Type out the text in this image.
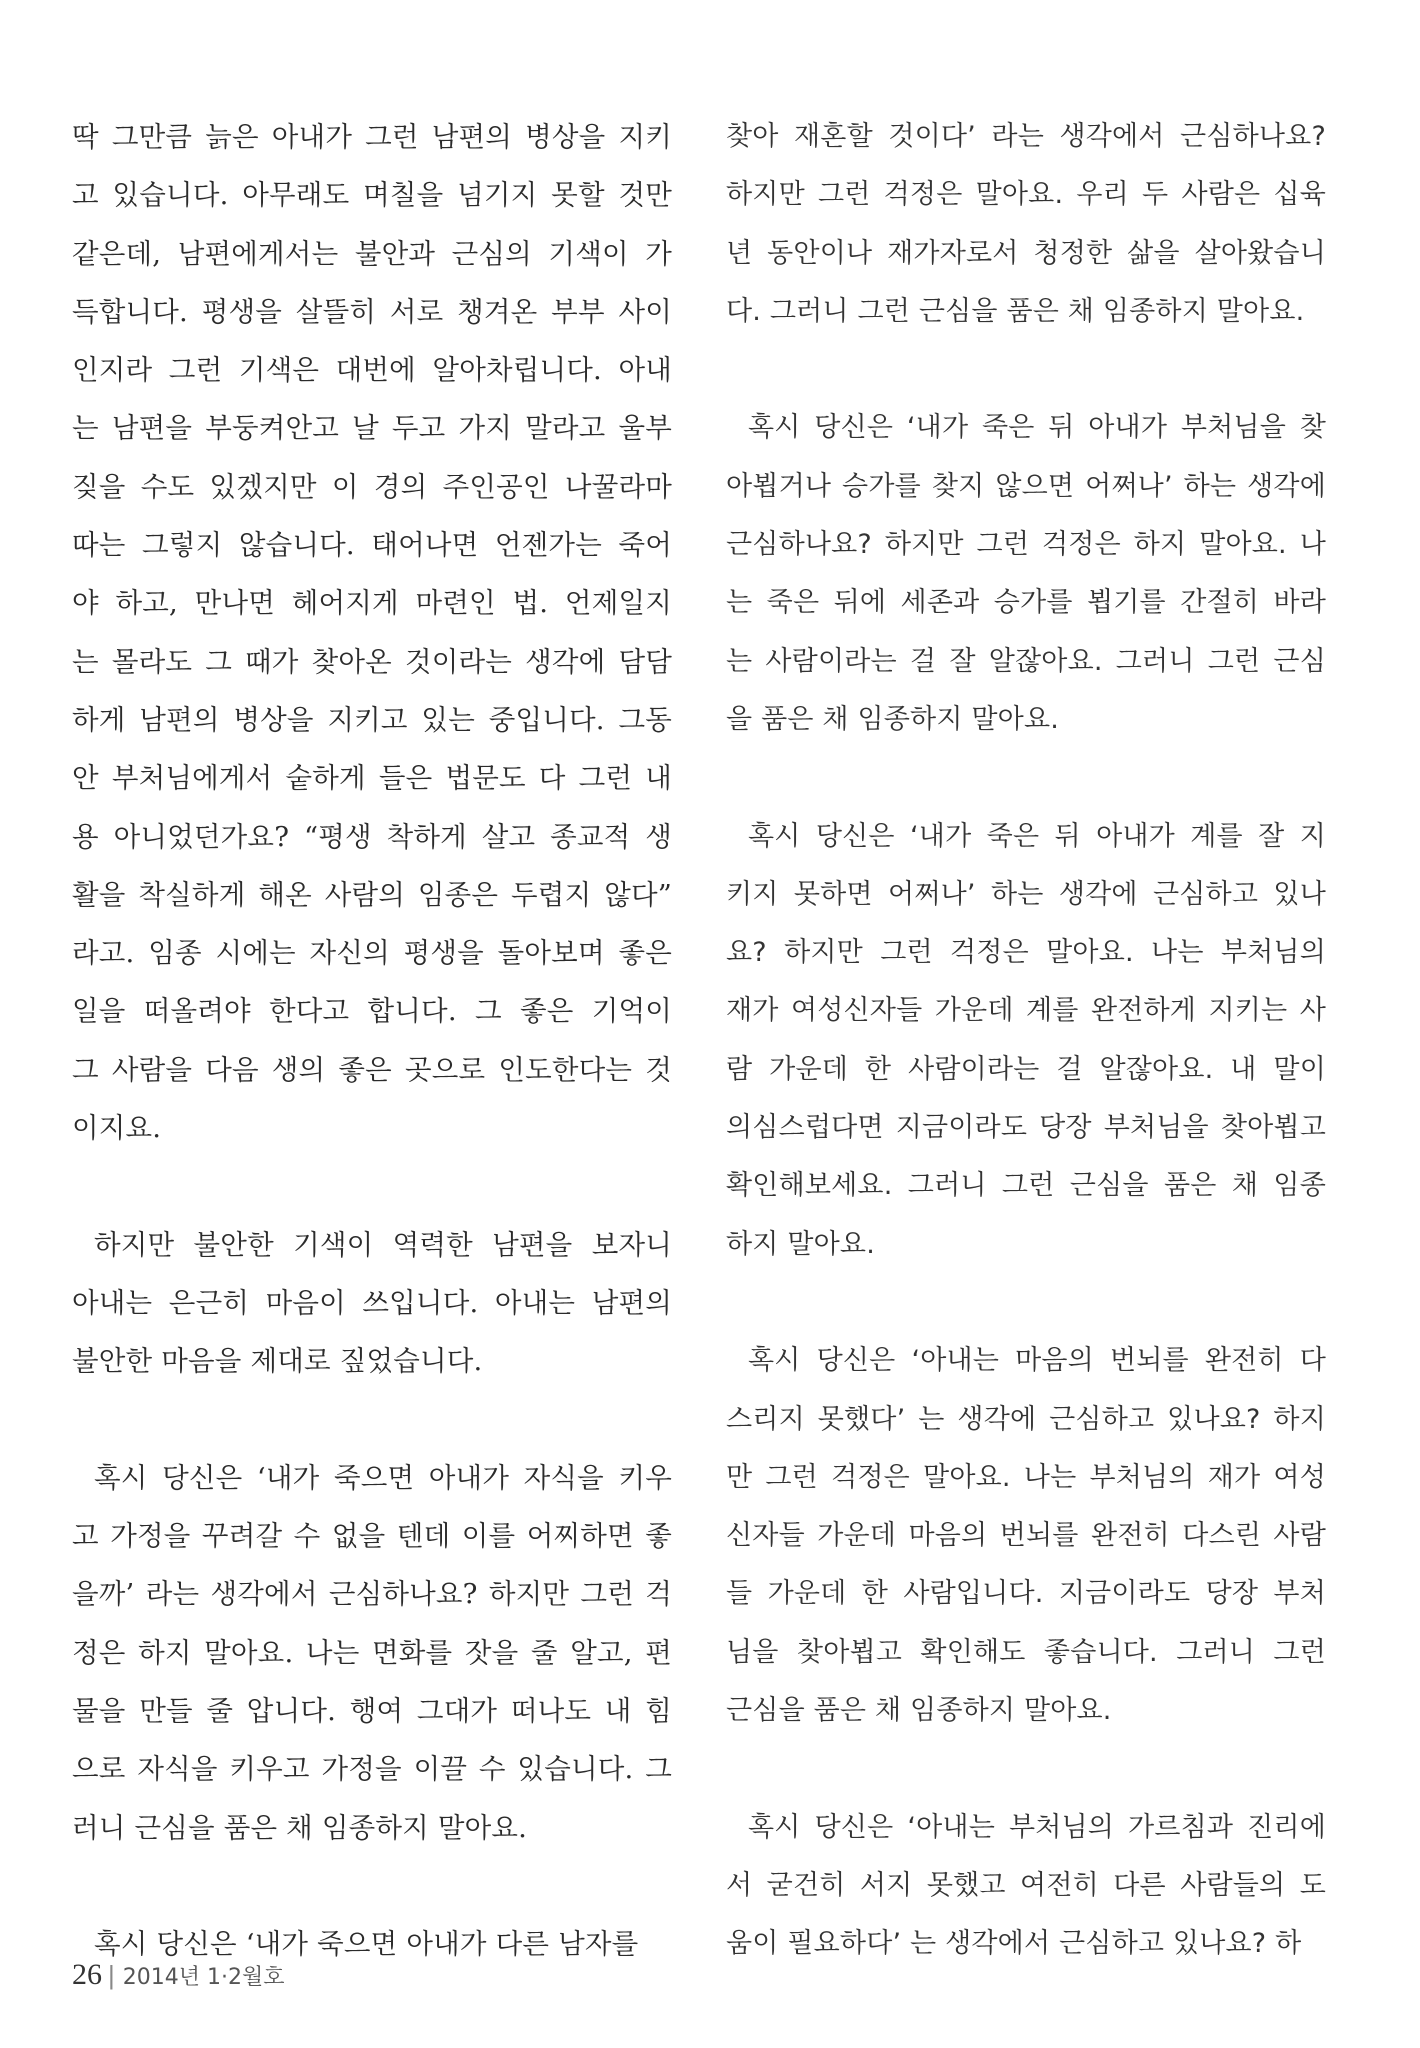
딱 그만큼 늙은 아내가 그런 남편의 병상을 지키
고 있습니다. 아무래도 며칠을 넘기지 못할 것만
같은데, 남편에게서는 불안과 근심의 기색이 가
득합니다. 평생을 살뜰히 서로 챙겨온 부부 사이
인지라 그런 기색은 대번에 알아차립니다. 아내
는 남편을 부둥켜안고 날 두고 가지 말라고 울부
짖을 수도 있겠지만 이 경의 주인공인 나꿀라마
따는 그렇지 않습니다. 태어나면 언젠가는 죽어
야 하고, 만나면 헤어지게 마련인 법. 언제일지
는 몰라도 그 때가 찾아온 것이라는 생각에 담담
하게 남편의 병상을 지키고 있는 중입니다. 그동
안 부처님에게서 숱하게 들은 법문도 다 그런 내
용 아니었던가요? “평생 착하게 살고 종교적 생
활을 착실하게 해온 사람의 임종은 두렵지 않다”
라고. 임종 시에는 자신의 평생을 돌아보며 좋은
일을 떠올려야 한다고 합니다. 그 좋은 기억이
그 사람을 다음 생의 좋은 곳으로 인도한다는 것
이지요.
하지만 불안한 기색이 역력한 남편을 보자니
아내는 은근히 마음이 쓰입니다. 아내는 남편의
불안한 마음을 제대로 짚었습니다.
혹시 당신은 ‘내가 죽으면 아내가 자식을 키우
고 가정을 꾸려갈 수 없을 텐데 이를 어찌하면 좋
을까’ 라는 생각에서 근심하나요? 하지만 그런 걱
정은 하지 말아요. 나는 면화를 잣을 줄 알고, 편
물을 만들 줄 압니다. 행여 그대가 떠나도 내 힘
으로 자식을 키우고 가정을 이끌 수 있습니다. 그
러니 근심을 품은 채 임종하지 말아요.
혹시 당신은 ‘내가 죽으면 아내가 다른 남자를
찾아 재혼할 것이다’ 라는 생각에서 근심하나요?
하지만 그런 걱정은 말아요. 우리 두 사람은 십육
년 동안이나 재가자로서 청정한 삶을 살아왔습니
다. 그러니 그런 근심을 품은 채 임종하지 말아요.
혹시 당신은 ‘내가 죽은 뒤 아내가 부처님을 찾
아뵙거나 승가를 찾지 않으면 어쩌나’ 하는 생각에
근심하나요? 하지만 그런 걱정은 하지 말아요. 나
는 죽은 뒤에 세존과 승가를 뵙기를 간절히 바라
는 사람이라는 걸 잘 알잖아요. 그러니 그런 근심
을 품은 채 임종하지 말아요.
혹시 당신은 ‘내가 죽은 뒤 아내가 계를 잘 지
키지 못하면 어쩌나’ 하는 생각에 근심하고 있나
요? 하지만 그런 걱정은 말아요. 나는 부처님의
재가 여성신자들 가운데 계를 완전하게 지키는 사
람 가운데 한 사람이라는 걸 알잖아요. 내 말이
의심스럽다면 지금이라도 당장 부처님을 찾아뵙고
확인해보세요. 그러니 그런 근심을 품은 채 임종
하지 말아요.
혹시 당신은 ‘아내는 마음의 번뇌를 완전히 다
스리지 못했다’ 는 생각에 근심하고 있나요? 하지
만 그런 걱정은 말아요. 나는 부처님의 재가 여성
신자들 가운데 마음의 번뇌를 완전히 다스린 사람
들 가운데 한 사람입니다. 지금이라도 당장 부처
님을 찾아뵙고 확인해도 좋습니다. 그러니 그런
근심을 품은 채 임종하지 말아요.
혹시 당신은 ‘아내는 부처님의 가르침과 진리에
서 굳건히 서지 못했고 여전히 다른 사람들의 도
움이 필요하다’ 는 생각에서 근심하고 있나요? 하
26 | 2014년 1·2월호
